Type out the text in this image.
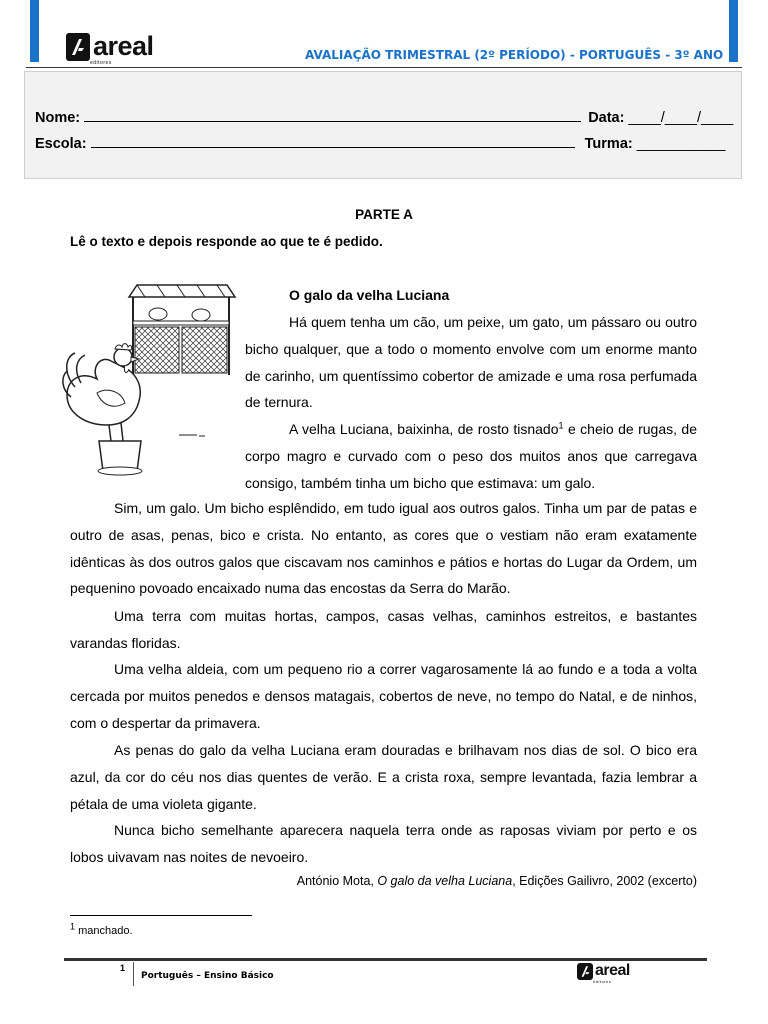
areal
editores
AVALIAÇÃO TRIMESTRAL (2º PERÍODO) - PORTUGUÊS - 3º ANO
Nome:	Data: ____/____/____
Escola:	Turma: ___________
PARTE A
Lê o texto e depois responde ao que te é pedido.
O galo da velha Luciana

Há quem tenha um cão, um peixe, um gato, um pássaro ou outro bicho qualquer, que a todo o momento envolve com um enorme manto de carinho, um quentíssimo cobertor de amizade e uma rosa perfumada de ternura.

A velha Luciana, baixinha, de rosto tisnado$^1$ e cheio de rugas, de corpo magro e curvado com o peso dos muitos anos que carregava consigo, também tinha um bicho que estimava: um galo.

Sim, um galo. Um bicho esplêndido, em tudo igual aos outros galos. Tinha um par de patas e outro de asas, penas, bico e crista. No entanto, as cores que o vestiam não eram exatamente idênticas às dos outros galos que ciscavam nos caminhos e pátios e hortas do Lugar da Ordem, um pequenino povoado encaixado numa das encostas da Serra do Marão.

Uma terra com muitas hortas, campos, casas velhas, caminhos estreitos, e bastantes varandas floridas.

Uma velha aldeia, com um pequeno rio a correr vagarosamente lá ao fundo e a toda a volta cercada por muitos penedos e densos matagais, cobertos de neve, no tempo do Natal, e de ninhos, com o despertar da primavera.

As penas do galo da velha Luciana eram douradas e brilhavam nos dias de sol. O bico era azul, da cor do céu nos dias quentes de verão. E a crista roxa, sempre levantada, fazia lembrar a pétala de uma violeta gigante.

Nunca bicho semelhante aparecera naquela terra onde as raposas viviam por perto e os lobos uivavam nas noites de nevoeiro.

António Mota, O galo da velha Luciana, Edições Gailivro, 2002 (excerto)
$^1$ manchado.
1
Português – Ensino Básico	areal
editores
